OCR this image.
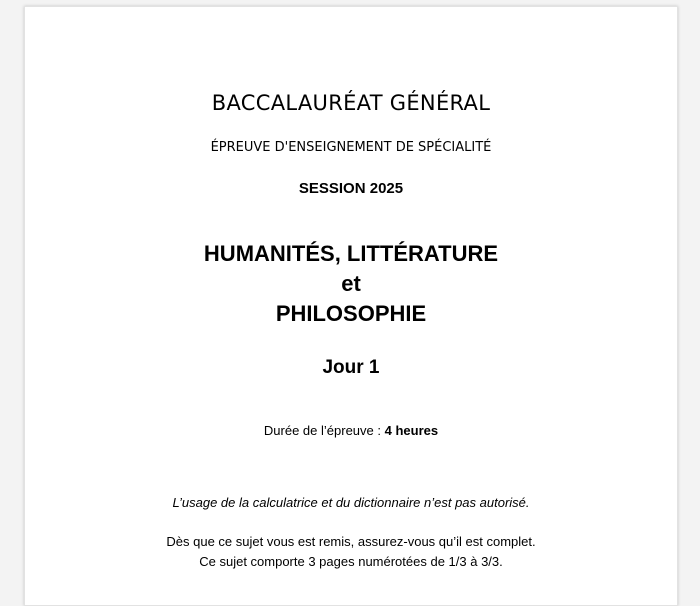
BACCALAURÉAT GÉNÉRAL
ÉPREUVE D'ENSEIGNEMENT DE SPÉCIALITÉ
SESSION 2025
HUMANITÉS, LITTÉRATURE
et
PHILOSOPHIE
Jour 1
Durée de l’épreuve : 4 heures
L’usage de la calculatrice et du dictionnaire n’est pas autorisé.
Dès que ce sujet vous est remis, assurez-vous qu’il est complet.
Ce sujet comporte 3 pages numérotées de 1/3 à 3/3.
